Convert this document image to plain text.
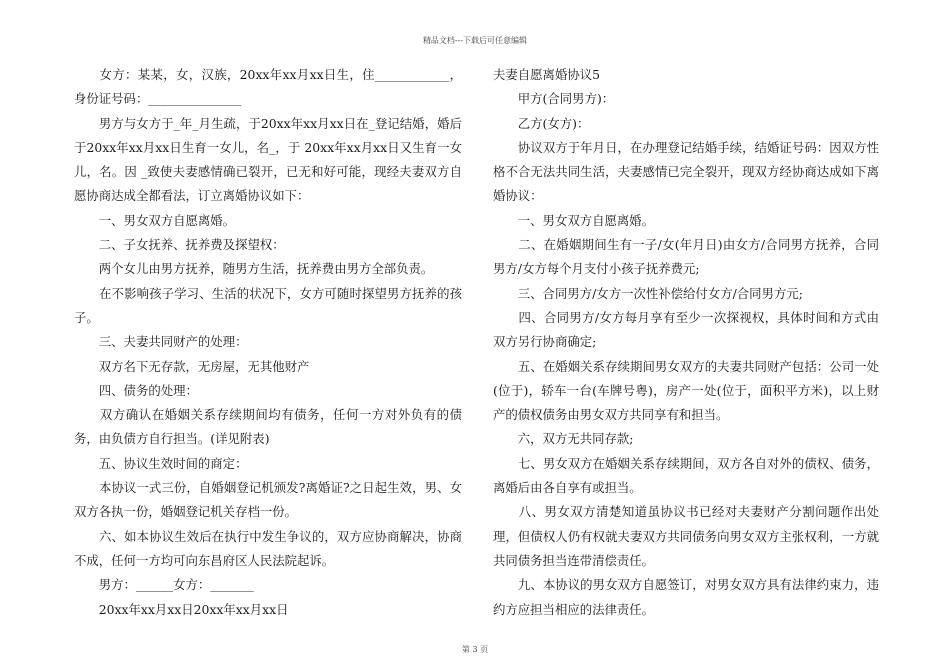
精品文档---下载后可任意编辑

　　女方：某某，女，汉族，20xx年xx月xx日生，住____________，身份证号码：_______________

　　男方与女方于_年_月生疏，于20xx年xx月xx日在_登记结婚，婚后于20xx年xx月xx日生育一女儿，名_，于 20xx年xx月xx日又生育一女儿，名。因 _致使夫妻感情确已裂开，已无和好可能，现经夫妻双方自愿协商达成全都看法，订立离婚协议如下：

　　一、男女双方自愿离婚。

　　二、子女抚养、抚养费及探望权：

　　两个女儿由男方抚养，随男方生活，抚养费由男方全部负责。

　　在不影响孩子学习、生活的状况下，女方可随时探望男方抚养的孩子。

　　三、夫妻共同财产的处理：

　　双方名下无存款，无房屋，无其他财产

　　四、债务的处理：

　　双方确认在婚姻关系存续期间均有债务，任何一方对外负有的债务，由负债方自行担当。(详见附表)

　　五、协议生效时间的商定：

　　本协议一式三份，自婚姻登记机颁发?离婚证?之日起生效，男、女双方各执一份，婚姻登记机关存档一份。

　　六、如本协议生效后在执行中发生争议的，双方应协商解决，协商不成，任何一方均可向东昌府区人民法院起诉。

　　男方：______女方：_______

　　20xx年xx月xx日20xx年xx月xx日

夫妻自愿离婚协议5

　　甲方(合同男方)：

　　乙方(女方)：

　　协议双方于年月日，在办理登记结婚手续，结婚证号码：因双方性格不合无法共同生活，夫妻感情已完全裂开，现双方经协商达成如下离婚协议：

　　一、男女双方自愿离婚。

　　二、在婚姻期间生有一子/女(年月日)由女方/合同男方抚养，合同男方/女方每个月支付小孩子抚养费元;

　　三、合同男方/女方一次性补偿给付女方/合同男方元;

　　四、合同男方/女方每月享有至少一次探视权，具体时间和方式由双方另行协商确定;

　　五、在婚姻关系存续期间男女双方的夫妻共同财产包括：公司一处(位于)，轿车一台(车牌号粤)，房产一处(位于，面积平方米)，以上财产的债权债务由男女双方共同享有和担当。

　　六，双方无共同存款;

　　七、男女双方在婚姻关系存续期间，双方各自对外的债权、债务，离婚后由各自享有或担当。

　　八、男女双方清楚知道虽协议书已经对夫妻财产分割问题作出处理，但债权人仍有权就夫妻双方共同债务向男女双方主张权利，一方就共同债务担当连带清偿责任。

　　九、本协议的男女双方自愿签订，对男女双方具有法律约束力，违约方应担当相应的法律责任。

第 3 页
